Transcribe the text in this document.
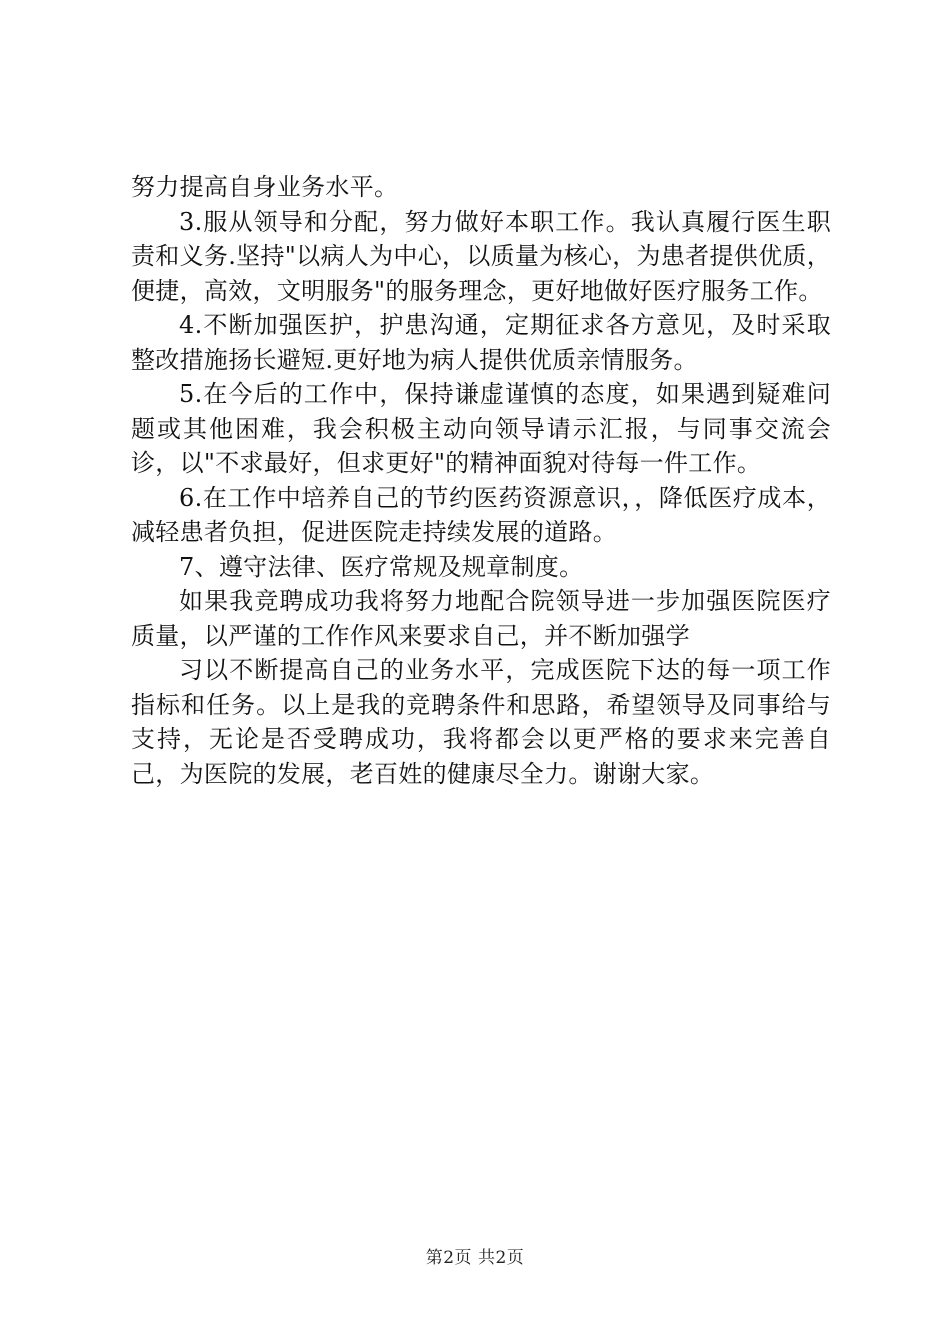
努力提高自身业务水平。

3.服从领导和分配，努力做好本职工作。我认真履行医生职责和义务.坚持"以病人为中心，以质量为核心，为患者提供优质，便捷，高效，文明服务"的服务理念，更好地做好医疗服务工作。

4.不断加强医护，护患沟通，定期征求各方意见，及时采取整改措施扬长避短.更好地为病人提供优质亲情服务。

5.在今后的工作中，保持谦虚谨慎的态度，如果遇到疑难问题或其他困难，我会积极主动向领导请示汇报，与同事交流会诊，以"不求最好，但求更好"的精神面貌对待每一件工作。

6.在工作中培养自己的节约医药资源意识，，降低医疗成本，减轻患者负担，促进医院走持续发展的道路。

7、遵守法律、医疗常规及规章制度。

如果我竞聘成功我将努力地配合院领导进一步加强医院医疗质量，以严谨的工作作风来要求自己，并不断加强学

习以不断提高自己的业务水平，完成医院下达的每一项工作指标和任务。以上是我的竞聘条件和思路，希望领导及同事给与支持，无论是否受聘成功，我将都会以更严格的要求来完善自己，为医院的发展，老百姓的健康尽全力。谢谢大家。

第2页 共2页
